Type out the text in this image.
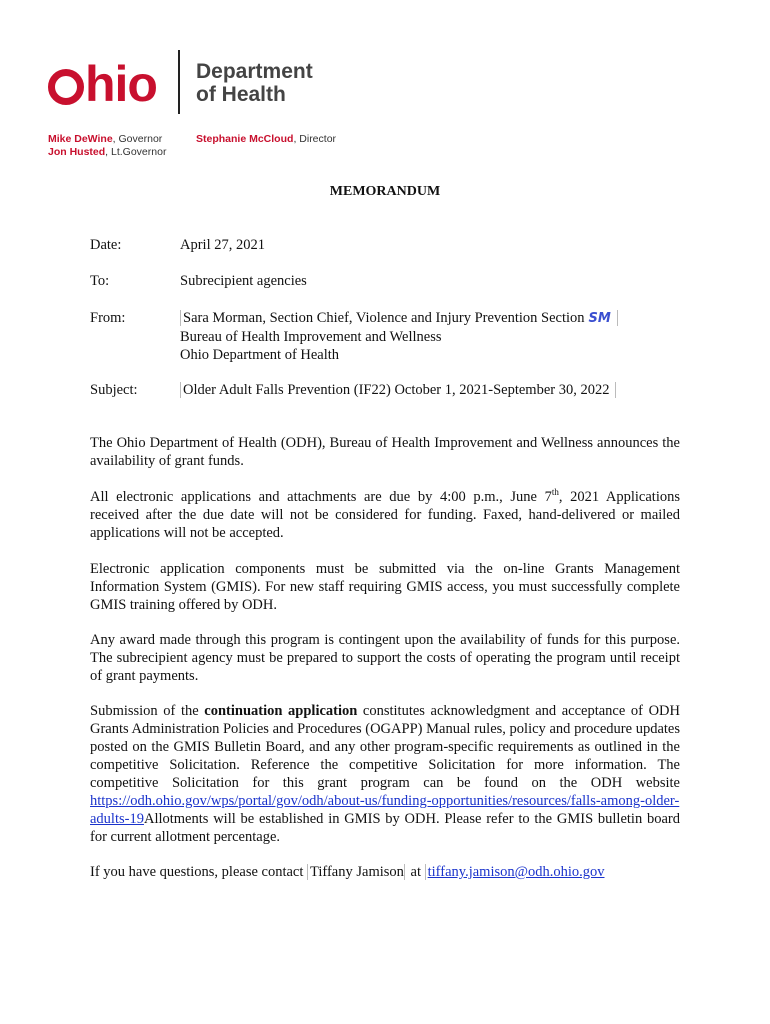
hio Department
of Health
Mike DeWine, Governor
Jon Husted, Lt.Governor
Stephanie McCloud, Director
MEMORANDUM
Date:	April 27, 2021
To:	Subrecipient agencies
From:	Sara Morman, Section Chief, Violence and Injury Prevention Section SM
Bureau of Health Improvement and Wellness
Ohio Department of Health
Subject:	Older Adult Falls Prevention (IF22) October 1, 2021-September 30, 2022
The Ohio Department of Health (ODH), Bureau of Health Improvement and Wellness announces the availability of grant funds.
All electronic applications and attachments are due by 4:00 p.m., June 7th, 2021 Applications received after the due date will not be considered for funding. Faxed, hand-delivered or mailed applications will not be accepted.
Electronic application components must be submitted via the on-line Grants Management Information System (GMIS). For new staff requiring GMIS access, you must successfully complete GMIS training offered by ODH.
Any award made through this program is contingent upon the availability of funds for this purpose. The subrecipient agency must be prepared to support the costs of operating the program until receipt of grant payments.
Submission of the continuation application constitutes acknowledgment and acceptance of ODH Grants Administration Policies and Procedures (OGAPP) Manual rules, policy and procedure updates posted on the GMIS Bulletin Board, and any other program-specific requirements as outlined in the competitive Solicitation. Reference the competitive Solicitation for more information. The competitive Solicitation for this grant program can be found on the ODH website https://odh.ohio.gov/wps/portal/gov/odh/about-us/funding-opportunities/resources/falls-among-older-adults-19Allotments will be established in GMIS by ODH. Please refer to the GMIS bulletin board for current allotment percentage.
If you have questions, please contact Tiffany Jamison at tiffany.jamison@odh.ohio.gov
